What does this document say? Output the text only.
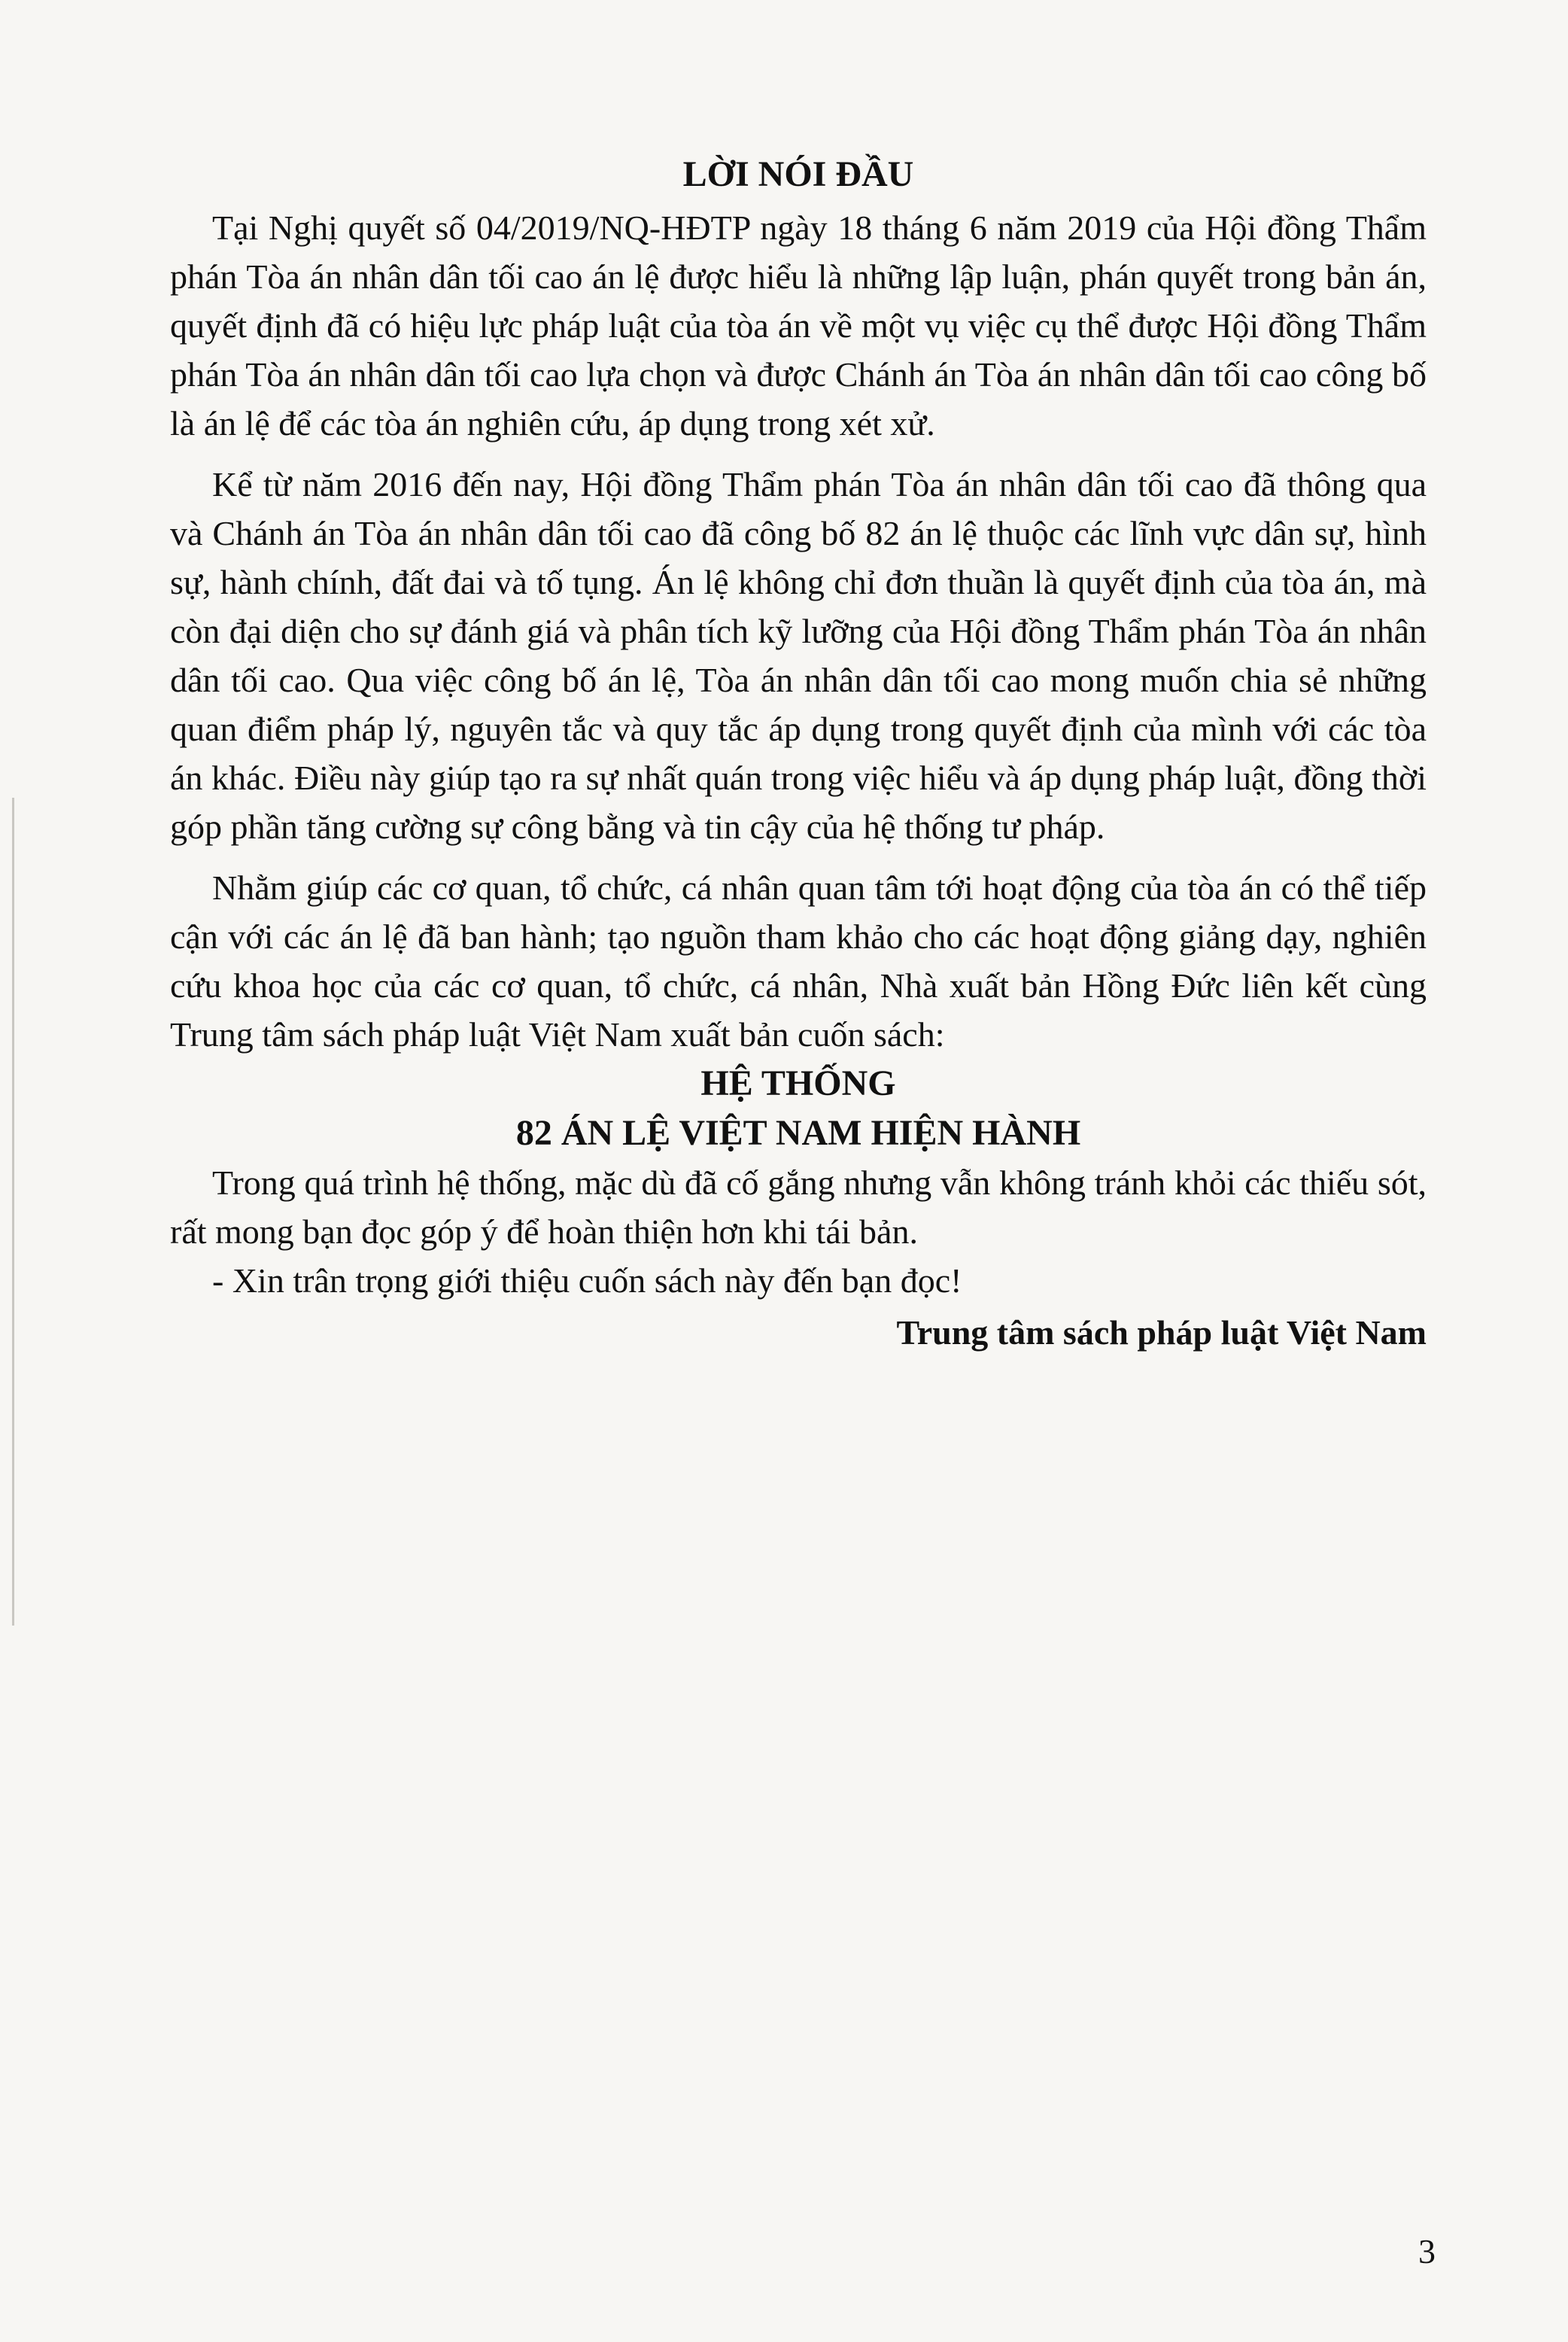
LỜI NÓI ĐẦU

Tại Nghị quyết số 04/2019/NQ-HĐTP ngày 18 tháng 6 năm 2019 của Hội đồng Thẩm phán Tòa án nhân dân tối cao án lệ được hiểu là những lập luận, phán quyết trong bản án, quyết định đã có hiệu lực pháp luật của tòa án về một vụ việc cụ thể được Hội đồng Thẩm phán Tòa án nhân dân tối cao lựa chọn và được Chánh án Tòa án nhân dân tối cao công bố là án lệ để các tòa án nghiên cứu, áp dụng trong xét xử.

Kể từ năm 2016 đến nay, Hội đồng Thẩm phán Tòa án nhân dân tối cao đã thông qua và Chánh án Tòa án nhân dân tối cao đã công bố 82 án lệ thuộc các lĩnh vực dân sự, hình sự, hành chính, đất đai và tố tụng. Án lệ không chỉ đơn thuần là quyết định của tòa án, mà còn đại diện cho sự đánh giá và phân tích kỹ lưỡng của Hội đồng Thẩm phán Tòa án nhân dân tối cao. Qua việc công bố án lệ, Tòa án nhân dân tối cao mong muốn chia sẻ những quan điểm pháp lý, nguyên tắc và quy tắc áp dụng trong quyết định của mình với các tòa án khác. Điều này giúp tạo ra sự nhất quán trong việc hiểu và áp dụng pháp luật, đồng thời góp phần tăng cường sự công bằng và tin cậy của hệ thống tư pháp.

Nhằm giúp các cơ quan, tổ chức, cá nhân quan tâm tới hoạt động của tòa án có thể tiếp cận với các án lệ đã ban hành; tạo nguồn tham khảo cho các hoạt động giảng dạy, nghiên cứu khoa học của các cơ quan, tổ chức, cá nhân, Nhà xuất bản Hồng Đức liên kết cùng Trung tâm sách pháp luật Việt Nam xuất bản cuốn sách:

HỆ THỐNG
82 ÁN LỆ VIỆT NAM HIỆN HÀNH

Trong quá trình hệ thống, mặc dù đã cố gắng nhưng vẫn không tránh khỏi các thiếu sót, rất mong bạn đọc góp ý để hoàn thiện hơn khi tái bản.

- Xin trân trọng giới thiệu cuốn sách này đến bạn đọc!

Trung tâm sách pháp luật Việt Nam
3
